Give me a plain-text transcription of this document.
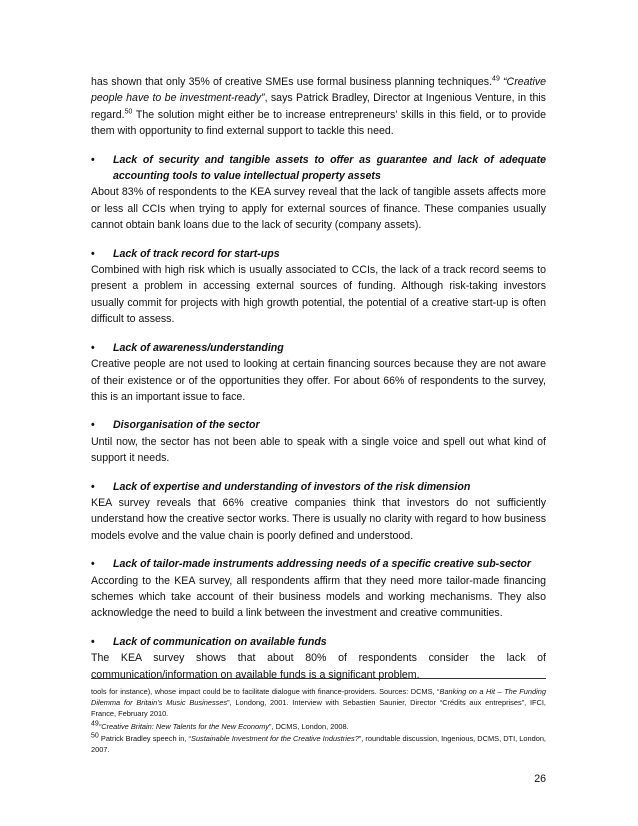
has shown that only 35% of creative SMEs use formal business planning techniques.$^{49}$ “Creative people have to be investment-ready”, says Patrick Bradley, Director at Ingenious Venture, in this regard.$^{50}$ The solution might either be to increase entrepreneurs’ skills in this field, or to provide them with opportunity to find external support to tackle this need.

•	Lack of security and tangible assets to offer as guarantee and lack of adequate accounting tools to value intellectual property assets

About 83% of respondents to the KEA survey reveal that the lack of tangible assets affects more or less all CCIs when trying to apply for external sources of finance. These companies usually cannot obtain bank loans due to the lack of security (company assets).

•	Lack of track record for start-ups

Combined with high risk which is usually associated to CCIs, the lack of a track record seems to present a problem in accessing external sources of funding. Although risk-taking investors usually commit for projects with high growth potential, the potential of a creative start-up is often difficult to assess.

•	Lack of awareness/understanding

Creative people are not used to looking at certain financing sources because they are not aware of their existence or of the opportunities they offer. For about 66% of respondents to the survey, this is an important issue to face.

•	Disorganisation of the sector

Until now, the sector has not been able to speak with a single voice and spell out what kind of support it needs.

•	Lack of expertise and understanding of investors of the risk dimension

KEA survey reveals that 66% creative companies think that investors do not sufficiently understand how the creative sector works. There is usually no clarity with regard to how business models evolve and the value chain is poorly defined and understood.

•	Lack of tailor-made instruments addressing needs of a specific creative sub-sector

According to the KEA survey, all respondents affirm that they need more tailor-made financing schemes which take account of their business models and working mechanisms. They also acknowledge the need to build a link between the investment and creative communities.

•	Lack of communication on available funds

The KEA survey shows that about 80% of respondents consider the lack of communication/information on available funds is a significant problem.

tools for instance), whose impact could be to facilitate dialogue with finance-providers. Sources: DCMS, “Banking on a Hit – The Funding Dilemma for Britain’s Music Businesses”, Londong, 2001. Interview with Sebastien Saunier, Director “Crédits aux entreprises”, IFCI, France, February 2010.

$^{49}$“Creative Britain: New Talents for the New Economy”, DCMS, London, 2008.

$^{50}$ Patrick Bradley speech in, “Sustainable Investment for the Creative Industries?”, roundtable discussion, Ingenious, DCMS, DTI, London, 2007.

26
